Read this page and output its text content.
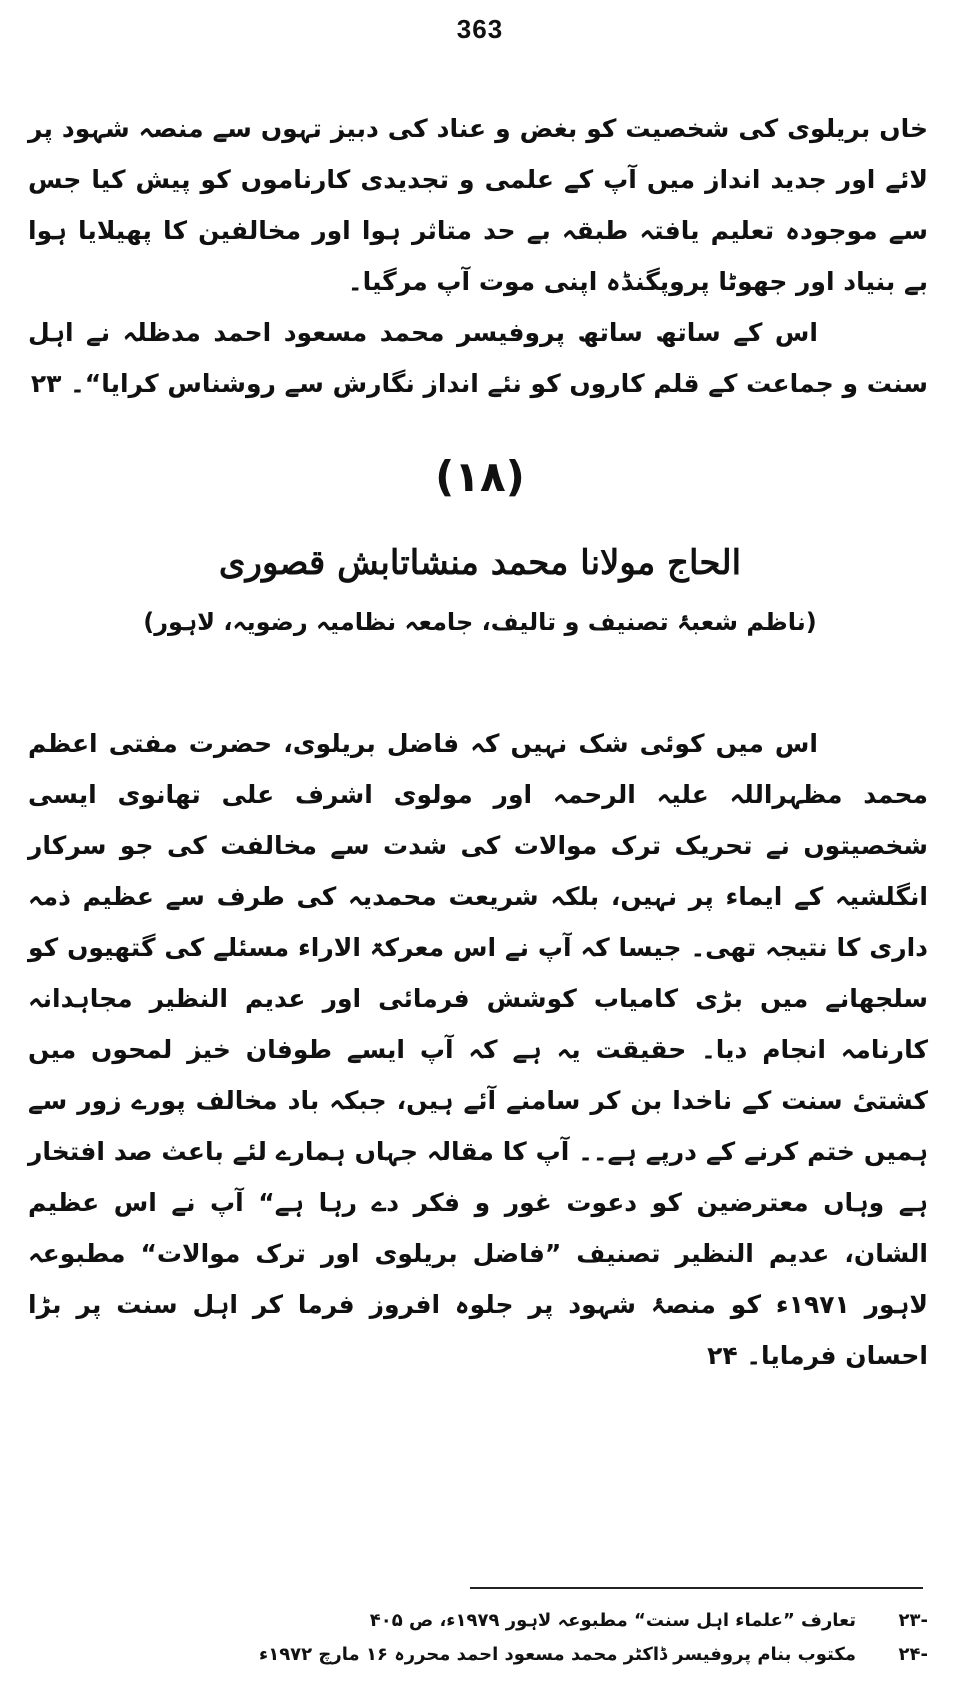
363

خاں بریلوی کی شخصیت کو بغض و عناد کی دبیز تہوں سے منصہ شہود پر لائے اور جدید انداز میں آپ کے علمی و تجدیدی کارناموں کو پیش کیا جس سے موجودہ تعلیم یافتہ طبقہ بے حد متاثر ہوا اور مخالفین کا پھیلایا ہوا بے بنیاد اور جھوٹا پروپگنڈہ اپنی موت آپ مرگیا۔

اس کے ساتھ ساتھ پروفیسر محمد مسعود احمد مدظلہ نے اہل سنت و جماعت کے قلم کاروں کو نئے انداز نگارش سے روشناس کرایا“۔ ۲۳

(۱۸)
الحاج مولانا محمد منشاتابش قصوری
(ناظم شعبۂ تصنیف و تالیف، جامعہ نظامیہ رضویہ، لاہور)

اس میں کوئی شک نہیں کہ فاضل بریلوی، حضرت مفتی اعظم محمد مظہراللہ علیہ الرحمہ اور مولوی اشرف علی تھانوی ایسی شخصیتوں نے تحریک ترک موالات کی شدت سے مخالفت کی جو سرکار انگلشیہ کے ایماء پر نہیں، بلکہ شریعت محمدیہ کی طرف سے عظیم ذمہ داری کا نتیجہ تھی۔ جیسا کہ آپ نے اس معرکۃ الاراء مسئلے کی گتھیوں کو سلجھانے میں بڑی کامیاب کوشش فرمائی اور عدیم النظیر مجاہدانہ کارنامہ انجام دیا۔ حقیقت یہ ہے کہ آپ ایسے طوفان خیز لمحوں میں کشتیٔ سنت کے ناخدا بن کر سامنے آئے ہیں، جبکہ باد مخالف پورے زور سے ہمیں ختم کرنے کے درپے ہے۔۔ آپ کا مقالہ جہاں ہمارے لئے باعث صد افتخار ہے وہاں معترضین کو دعوت غور و فکر دے رہا ہے“ آپ نے اس عظیم الشان، عدیم النظیر تصنیف ”فاضل بریلوی اور ترک موالات“ مطبوعہ لاہور ۱۹۷۱ء کو منصۂ شہود پر جلوہ افروز فرما کر اہل سنت پر بڑا احسان فرمایا۔ ۲۴

-۲۳
تعارف ”علماء اہل سنت“ مطبوعہ لاہور ۱۹۷۹ء، ص ۴۰۵
-۲۴
مکتوب بنام پروفیسر ڈاکٹر محمد مسعود احمد محررہ ۱۶ مارچ ۱۹۷۲ء
